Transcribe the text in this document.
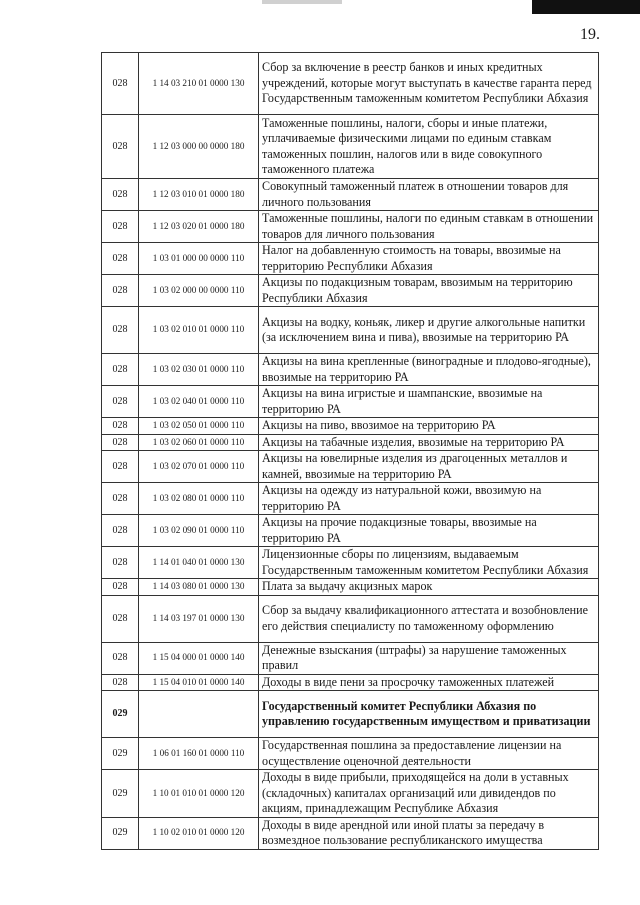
19.
028	1 14 03 210 01 0000 130	Сбор за включение в реестр банков и иных кредитных учреждений, которые могут выступать в качестве гаранта перед Государственным таможенным комитетом Республики Абхазия
028	1 12 03 000 00 0000 180	Таможенные пошлины, налоги, сборы и иные платежи, уплачиваемые физическими лицами по единым ставкам таможенных пошлин, налогов или в виде совокупного таможенного платежа
028	1 12 03 010 01 0000 180	Совокупный таможенный платеж в отношении товаров для личного пользования
028	1 12 03 020 01 0000 180	Таможенные пошлины, налоги по единым ставкам в отношении товаров для личного пользования
028	1 03 01 000 00 0000 110	Налог на добавленную стоимость на товары, ввозимые на территорию Республики Абхазия
028	1 03 02 000 00 0000 110	Акцизы по подакцизным товарам, ввозимым на территорию Республики Абхазия
028	1 03 02 010 01 0000 110	Акцизы на водку, коньяк, ликер и другие алкогольные напитки (за исключением вина и пива), ввозимые на территорию РА
028	1 03 02 030 01 0000 110	Акцизы на вина крепленные (виноградные и плодово-ягодные), ввозимые на территорию РА
028	1 03 02 040 01 0000 110	Акцизы на вина игристые и шампанские, ввозимые на территорию РА
028	1 03 02 050 01 0000 110	Акцизы на пиво, ввозимое на территорию РА
028	1 03 02 060 01 0000 110	Акцизы на табачные изделия, ввозимые на территорию РА
028	1 03 02 070 01 0000 110	Акцизы на ювелирные изделия из драгоценных металлов и камней, ввозимые на территорию РА
028	1 03 02 080 01 0000 110	Акцизы на одежду из натуральной кожи, ввозимую на территорию РА
028	1 03 02 090 01 0000 110	Акцизы на прочие подакцизные товары, ввозимые на территорию РА
028	1 14 01 040 01 0000 130	Лицензионные сборы по лицензиям, выдаваемым Государственным таможенным комитетом Республики Абхазия
028	1 14 03 080 01 0000 130	Плата за выдачу акцизных марок
028	1 14 03 197 01 0000 130	Сбор за выдачу квалификационного аттестата и возобновление его действия специалисту по таможенному оформлению
028	1 15 04 000 01 0000 140	Денежные взыскания (штрафы) за нарушение таможенных правил
028	1 15 04 010 01 0000 140	Доходы в виде пени за просрочку таможенных платежей
029		Государственный комитет Республики Абхазия по управлению государственным имуществом и приватизации
029	1 06 01 160 01 0000 110	Государственная пошлина за предоставление лицензии на осуществление оценочной деятельности
029	1 10 01 010 01 0000 120	Доходы в виде прибыли, приходящейся на доли в уставных (складочных) капиталах организаций или дивидендов по акциям, принадлежащим Республике Абхазия
029	1 10 02 010 01 0000 120	Доходы в виде арендной или иной платы за передачу в возмездное пользование республиканского имущества
